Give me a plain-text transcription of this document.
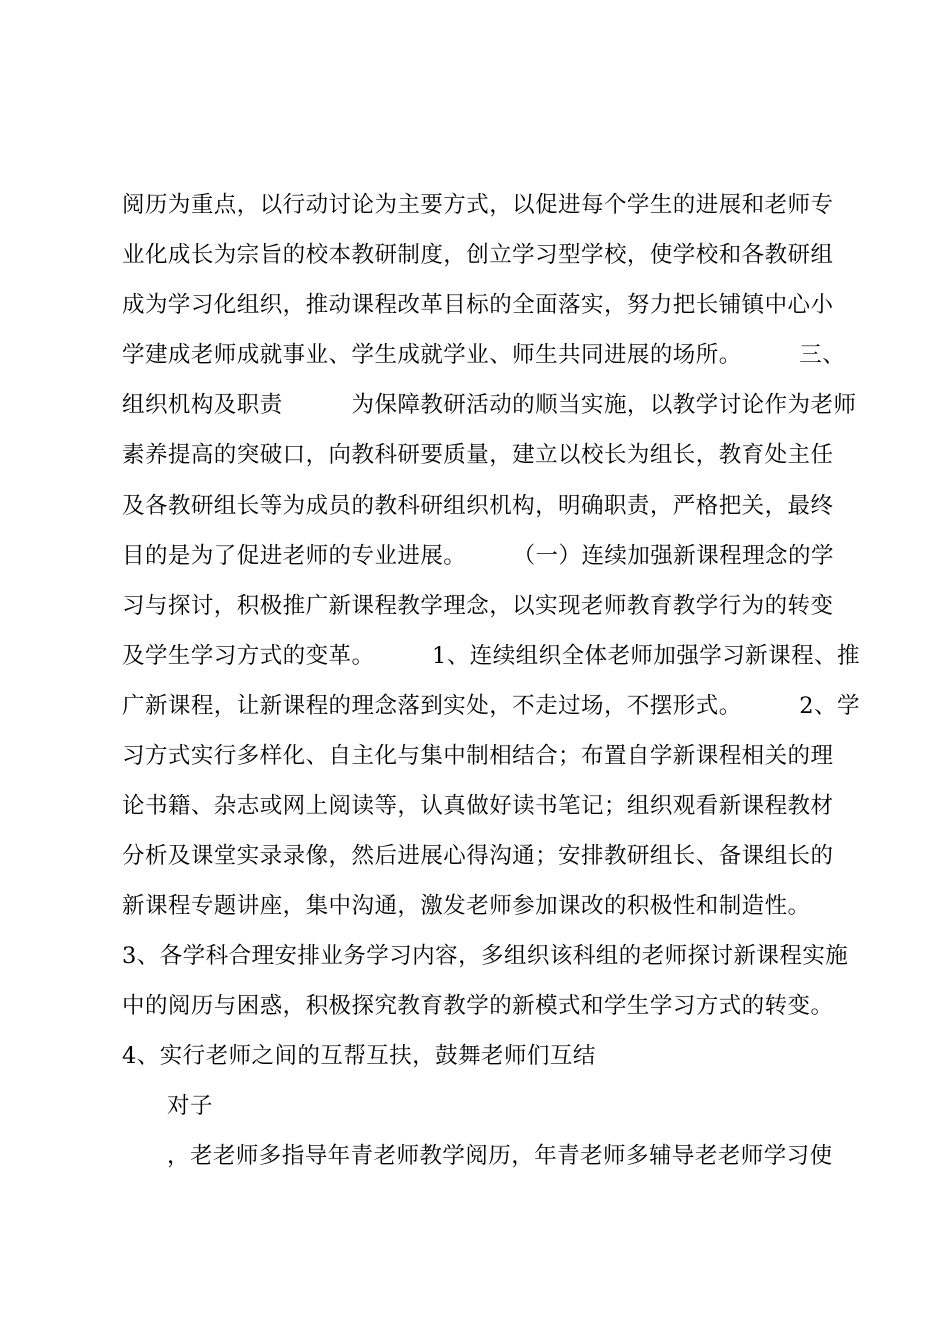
阅历为重点，以行动讨论为主要方式，以促进每个学生的进展和老师专
业化成长为宗旨的校本教研制度，创立学习型学校，使学校和各教研组
成为学习化组织，推动课程改革目标的全面落实，努力把长铺镇中心小
学建成老师成就事业、学生成就学业、师生共同进展的场所。　　　三、
组织机构及职责　　　为保障教研活动的顺当实施，以教学讨论作为老师
素养提高的突破口，向教科研要质量，建立以校长为组长，教育处主任
及各教研组长等为成员的教科研组织机构，明确职责，严格把关，最终
目的是为了促进老师的专业进展。　　　（一）连续加强新课程理念的学
习与探讨，积极推广新课程教学理念，以实现老师教育教学行为的转变
及学生学习方式的变革。　　　1、连续组织全体老师加强学习新课程、推
广新课程，让新课程的理念落到实处，不走过场，不摆形式。　　　2、学
习方式实行多样化、自主化与集中制相结合；布置自学新课程相关的理
论书籍、杂志或网上阅读等，认真做好读书笔记；组织观看新课程教材
分析及课堂实录录像，然后进展心得沟通；安排教研组长、备课组长的
新课程专题讲座，集中沟通，激发老师参加课改的积极性和制造性。
3、各学科合理安排业务学习内容，多组织该科组的老师探讨新课程实施
中的阅历与困惑，积极探究教育教学的新模式和学生学习方式的转变。
4、实行老师之间的互帮互扶，鼓舞老师们互结
对子
，老老师多指导年青老师教学阅历，年青老师多辅导老老师学习使
